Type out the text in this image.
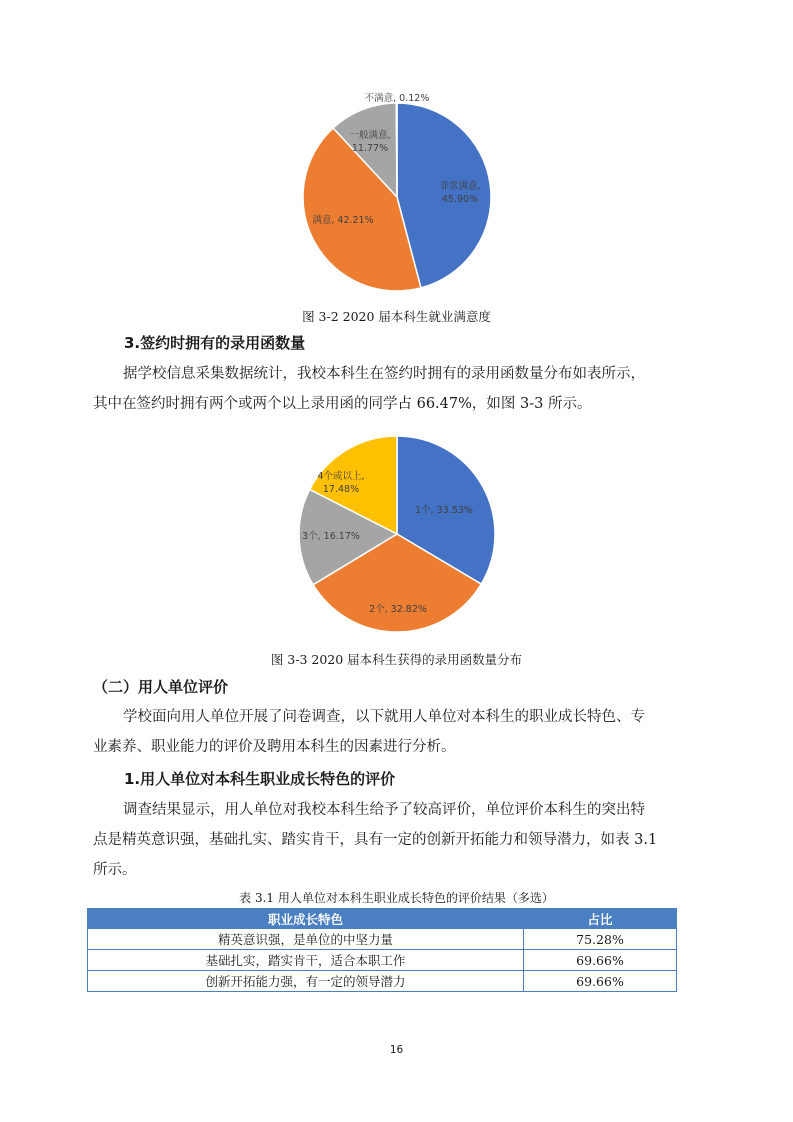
非常满意, 45.90%
满意, 42.21%
一般满意, 11.77%
不满意, 0.12%
图 3-2 2020 届本科生就业满意度
3.签约时拥有的录用函数量
据学校信息采集数据统计，我校本科生在签约时拥有的录用函数量分布如表所示，
其中在签约时拥有两个或两个以上录用函的同学占 66.47%，如图 3-3 所示。
1个, 33.53%
2个, 32.82%
3个, 16.17%
4个或以上, 17.48%
图 3-3 2020 届本科生获得的录用函数量分布
（二）用人单位评价
学校面向用人单位开展了问卷调查，以下就用人单位对本科生的职业成长特色、专
业素养、职业能力的评价及聘用本科生的因素进行分析。
1.用人单位对本科生职业成长特色的评价
调查结果显示，用人单位对我校本科生给予了较高评价，单位评价本科生的突出特
点是精英意识强，基础扎实、踏实肯干，具有一定的创新开拓能力和领导潜力，如表 3.1
所示。
表 3.1 用人单位对本科生职业成长特色的评价结果（多选）
职业成长特色	占比
精英意识强，是单位的中坚力量	75.28%
基础扎实，踏实肯干，适合本职工作	69.66%
创新开拓能力强，有一定的领导潜力	69.66%
16
